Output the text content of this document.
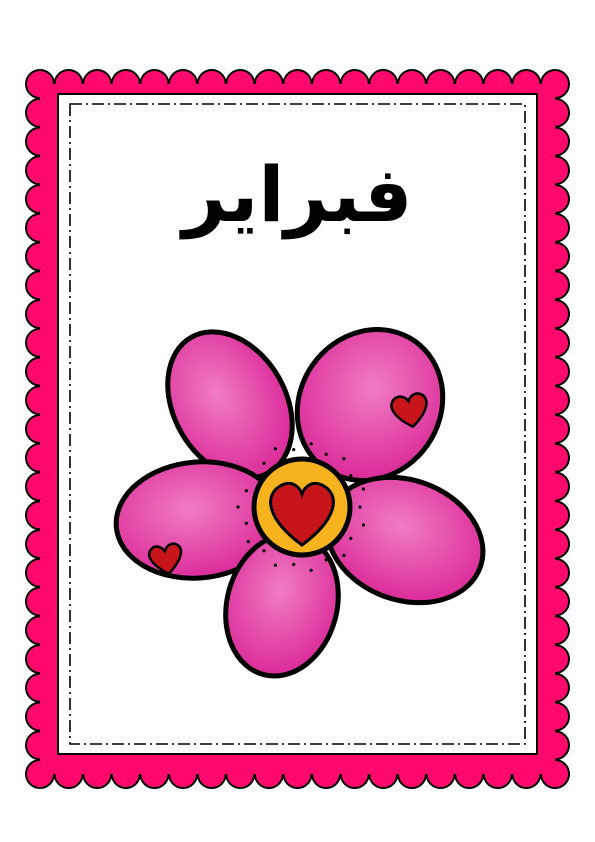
فبراير
